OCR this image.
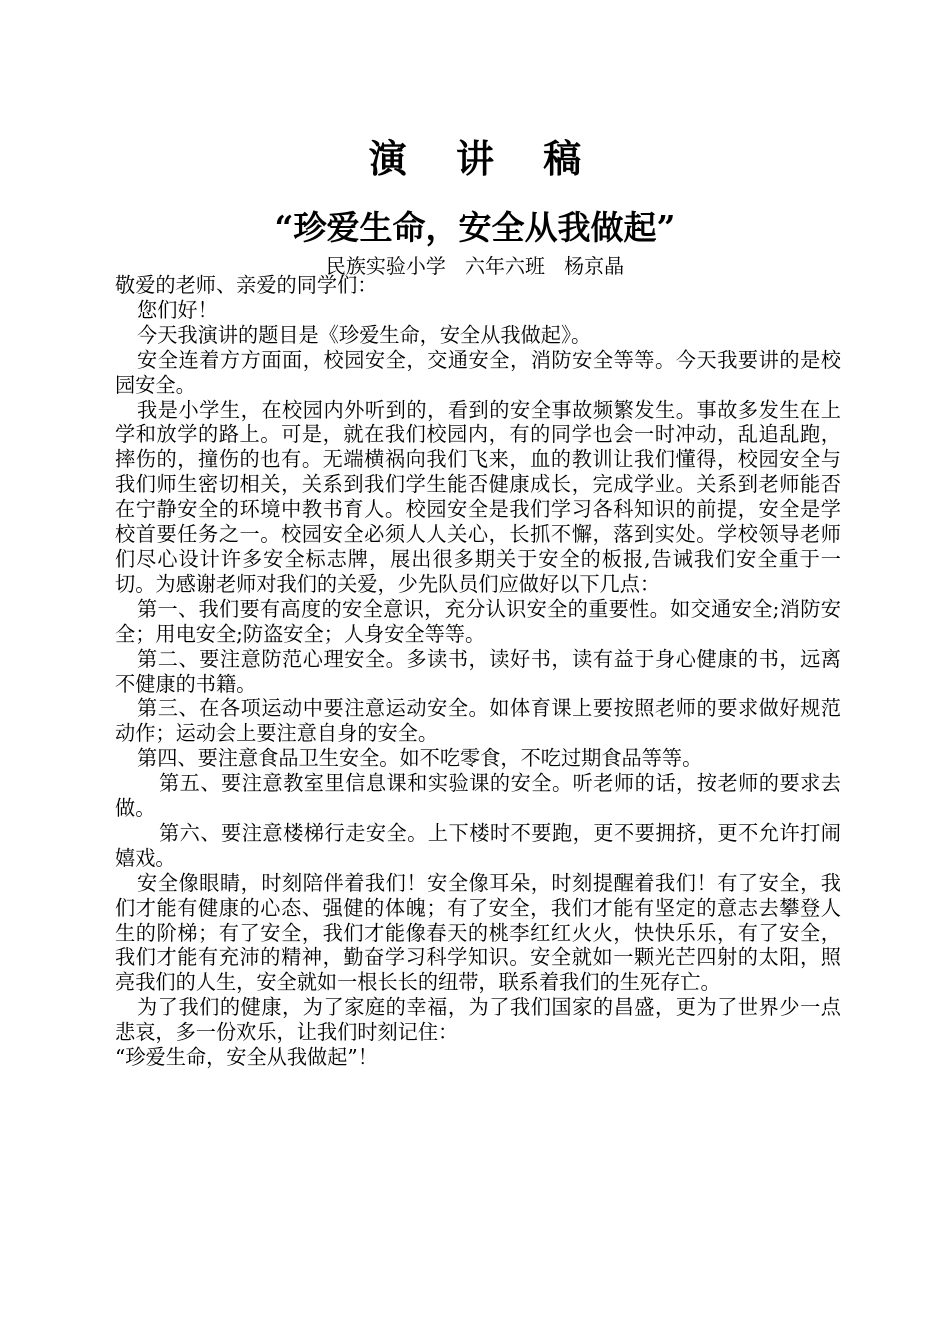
演 讲 稿
“珍爱生命，安全从我做起”
民族实验小学   六年六班   杨京晶

敬爱的老师、亲爱的同学们：

您们好！

今天我演讲的题目是《珍爱生命，安全从我做起》。

安全连着方方面面，校园安全，交通安全，消防安全等等。今天我要讲的是校园安全。

我是小学生，在校园内外听到的，看到的安全事故频繁发生。事故多发生在上学和放学的路上。可是，就在我们校园内，有的同学也会一时冲动，乱追乱跑，摔伤的，撞伤的也有。无端横祸向我们飞来，血的教训让我们懂得，校园安全与我们师生密切相关，关系到我们学生能否健康成长，完成学业。关系到老师能否在宁静安全的环境中教书育人。校园安全是我们学习各科知识的前提，安全是学校首要任务之一。校园安全必须人人关心，长抓不懈，落到实处。学校领导老师们尽心设计许多安全标志牌，展出很多期关于安全的板报,告诫我们安全重于一切。为感谢老师对我们的关爱，少先队员们应做好以下几点：

第一、我们要有高度的安全意识，充分认识安全的重要性。如交通安全;消防安全；用电安全;防盗安全；人身安全等等。

第二、要注意防范心理安全。多读书，读好书，读有益于身心健康的书，远离不健康的书籍。

第三、在各项运动中要注意运动安全。如体育课上要按照老师的要求做好规范动作；运动会上要注意自身的安全。

第四、要注意食品卫生安全。如不吃零食，不吃过期食品等等。

第五、要注意教室里信息课和实验课的安全。听老师的话，按老师的要求去做。

第六、要注意楼梯行走安全。上下楼时不要跑，更不要拥挤，更不允许打闹嬉戏。

安全像眼睛，时刻陪伴着我们！安全像耳朵，时刻提醒着我们！有了安全，我们才能有健康的心态、强健的体魄；有了安全，我们才能有坚定的意志去攀登人生的阶梯；有了安全，我们才能像春天的桃李红红火火，快快乐乐，有了安全，我们才能有充沛的精神，勤奋学习科学知识。安全就如一颗光芒四射的太阳，照亮我们的人生，安全就如一根长长的纽带，联系着我们的生死存亡。

为了我们的健康，为了家庭的幸福，为了我们国家的昌盛，更为了世界少一点悲哀，多一份欢乐，让我们时刻记住：

“珍爱生命，安全从我做起”！
